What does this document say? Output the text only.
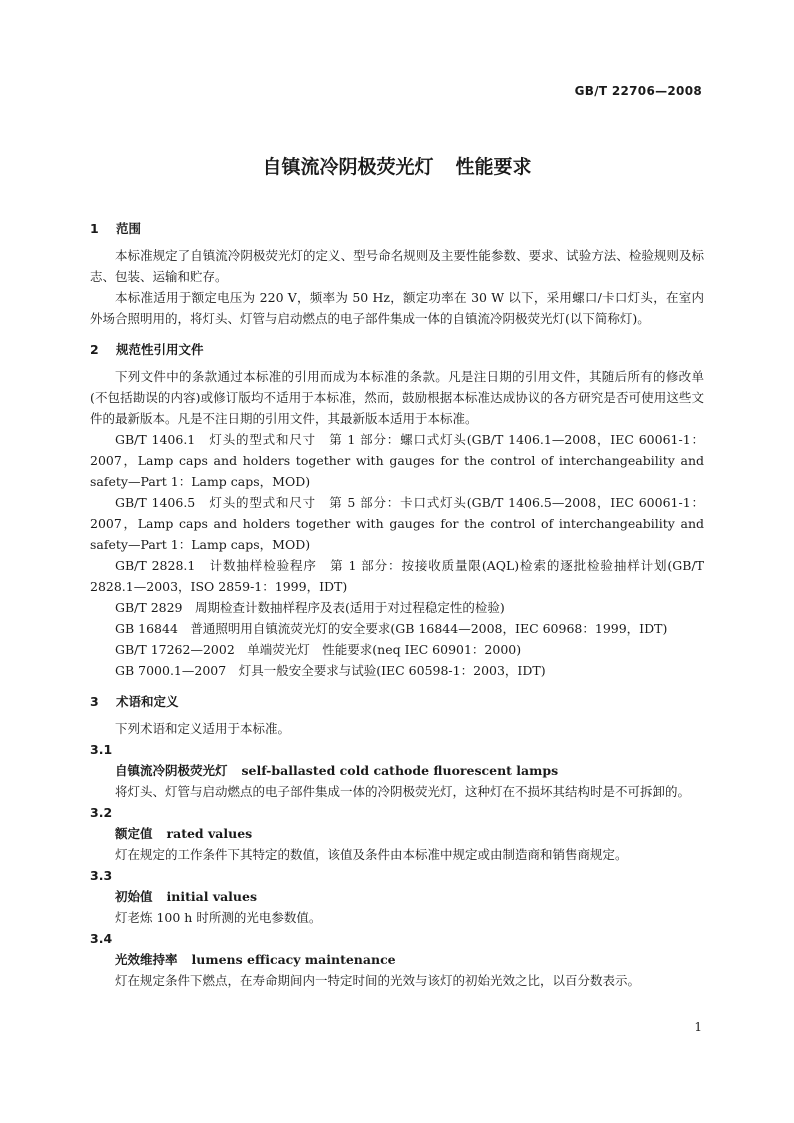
GB/T 22706—2008
自镇流冷阴极荧光灯 性能要求
1 范围

本标准规定了自镇流冷阴极荧光灯的定义、型号命名规则及主要性能参数、要求、试验方法、检验规则及标志、包装、运输和贮存。

本标准适用于额定电压为 220 V，频率为 50 Hz，额定功率在 30 W 以下，采用螺口/卡口灯头，在室内外场合照明用的，将灯头、灯管与启动燃点的电子部件集成一体的自镇流冷阴极荧光灯(以下简称灯)。

2 规范性引用文件

下列文件中的条款通过本标准的引用而成为本标准的条款。凡是注日期的引用文件，其随后所有的修改单(不包括勘误的内容)或修订版均不适用于本标准，然而，鼓励根据本标准达成协议的各方研究是否可使用这些文件的最新版本。凡是不注日期的引用文件，其最新版本适用于本标准。

GB/T 1406.1　灯头的型式和尺寸　第 1 部分：螺口式灯头(GB/T 1406.1—2008，IEC 60061-1：2007，Lamp caps and holders together with gauges for the control of interchangeability and safety—Part 1：Lamp caps，MOD)

GB/T 1406.5　灯头的型式和尺寸　第 5 部分：卡口式灯头(GB/T 1406.5—2008，IEC 60061-1：2007，Lamp caps and holders together with gauges for the control of interchangeability and safety—Part 1：Lamp caps，MOD)

GB/T 2828.1　计数抽样检验程序　第 1 部分：按接收质量限(AQL)检索的逐批检验抽样计划(GB/T 2828.1—2003，ISO 2859-1：1999，IDT)

GB/T 2829　周期检查计数抽样程序及表(适用于对过程稳定性的检验)

GB 16844　普通照明用自镇流荧光灯的安全要求(GB 16844—2008，IEC 60968：1999，IDT)

GB/T 17262—2002　单端荧光灯　性能要求(neq IEC 60901：2000)

GB 7000.1—2007　灯具一般安全要求与试验(IEC 60598-1：2003，IDT)

3 术语和定义

下列术语和定义适用于本标准。

3.1

自镇流冷阴极荧光灯 self-ballasted cold cathode fluorescent lamps

将灯头、灯管与启动燃点的电子部件集成一体的冷阴极荧光灯，这种灯在不损坏其结构时是不可拆卸的。

3.2

额定值 rated values

灯在规定的工作条件下其特定的数值，该值及条件由本标准中规定或由制造商和销售商规定。

3.3

初始值 initial values

灯老炼 100 h 时所测的光电参数值。

3.4

光效维持率 lumens efficacy maintenance

灯在规定条件下燃点，在寿命期间内一特定时间的光效与该灯的初始光效之比，以百分数表示。

1
